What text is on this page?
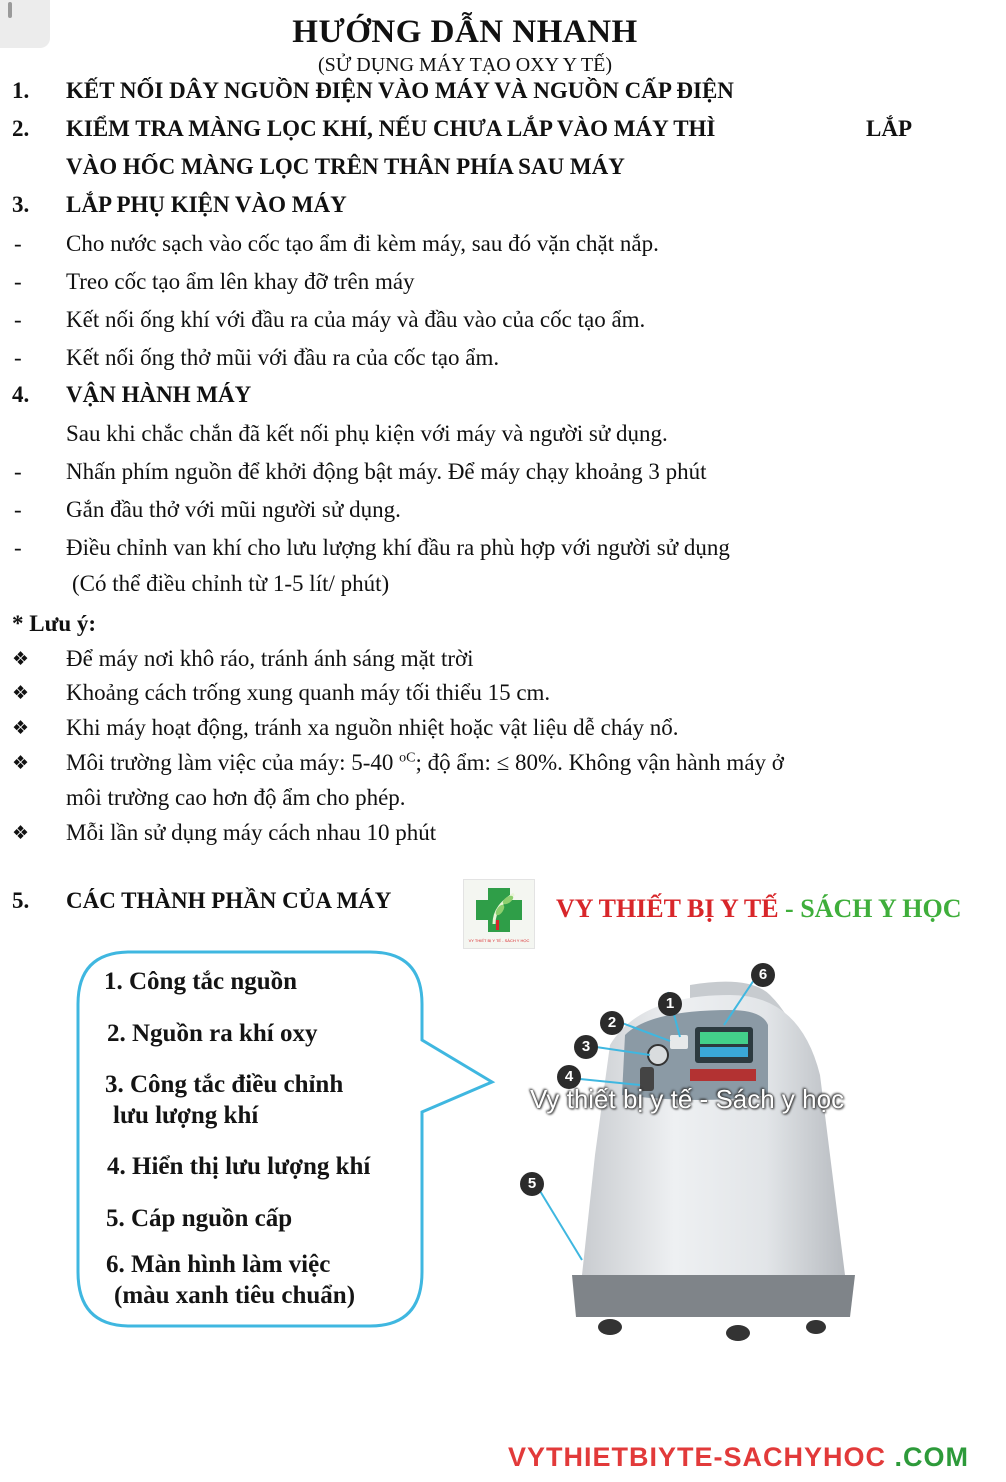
HƯỚNG DẪN NHANH
(SỬ DỤNG MÁY TẠO OXY Y TẾ)
1. KẾT NỐI DÂY NGUỒN ĐIỆN VÀO MÁY VÀ NGUỒN CẤP ĐIỆN
2. KIỂM TRA MÀNG LỌC KHÍ, NẾU CHƯA LẮP VÀO MÁY THÌ	LẮP
VÀO HỐC MÀNG LỌC TRÊN THÂN PHÍA SAU MÁY
3. LẮP PHỤ KIỆN VÀO MÁY
- Cho nước sạch vào cốc tạo ẩm đi kèm máy, sau đó vặn chặt nắp.
- Treo cốc tạo ẩm lên khay đỡ trên máy
- Kết nối ống khí với đầu ra của máy và đầu vào của cốc tạo ẩm.
- Kết nối ống thở mũi với đầu ra của cốc tạo ẩm.
4. VẬN HÀNH MÁY
Sau khi chắc chắn đã kết nối phụ kiện với máy và người sử dụng.
- Nhấn phím nguồn để khởi động bật máy. Để máy chạy khoảng 3 phút
- Gắn đầu thở với mũi người sử dụng.
- Điều chỉnh van khí cho lưu lượng khí đầu ra phù hợp với người sử dụng
(Có thể điều chỉnh từ 1-5 lít/ phút)
* Lưu ý:
❖ Để máy nơi khô ráo, tránh ánh sáng mặt trời
❖ Khoảng cách trống xung quanh máy tối thiểu 15 cm.
❖ Khi máy hoạt động, tránh xa nguồn nhiệt hoặc vật liệu dễ cháy nổ.
❖ Môi trường làm việc của máy: 5-40 $^{oC}$; độ ẩm: ≤ 80%. Không vận hành máy ở
môi trường cao hơn độ ẩm cho phép.
❖ Mỗi lần sử dụng máy cách nhau 10 phút
5. CÁC THÀNH PHẦN CỦA MÁY
VY THIẾT BỊ Y TẾ - SÁCH Y HỌC
VY THIẾT BỊ Y TẾ - SÁCH Y HỌC
1. Công tắc nguồn
2. Nguồn ra khí oxy
3. Công tắc điều chỉnh
lưu lượng khí
4. Hiển thị lưu lượng khí
5. Cáp nguồn cấp
6. Màn hình làm việc
(màu xanh tiêu chuẩn)
1
2
3
4
5
6
Vy thiết bị y tế - Sách y học
VYTHIETBIYTE-SACHYHOC .COM
